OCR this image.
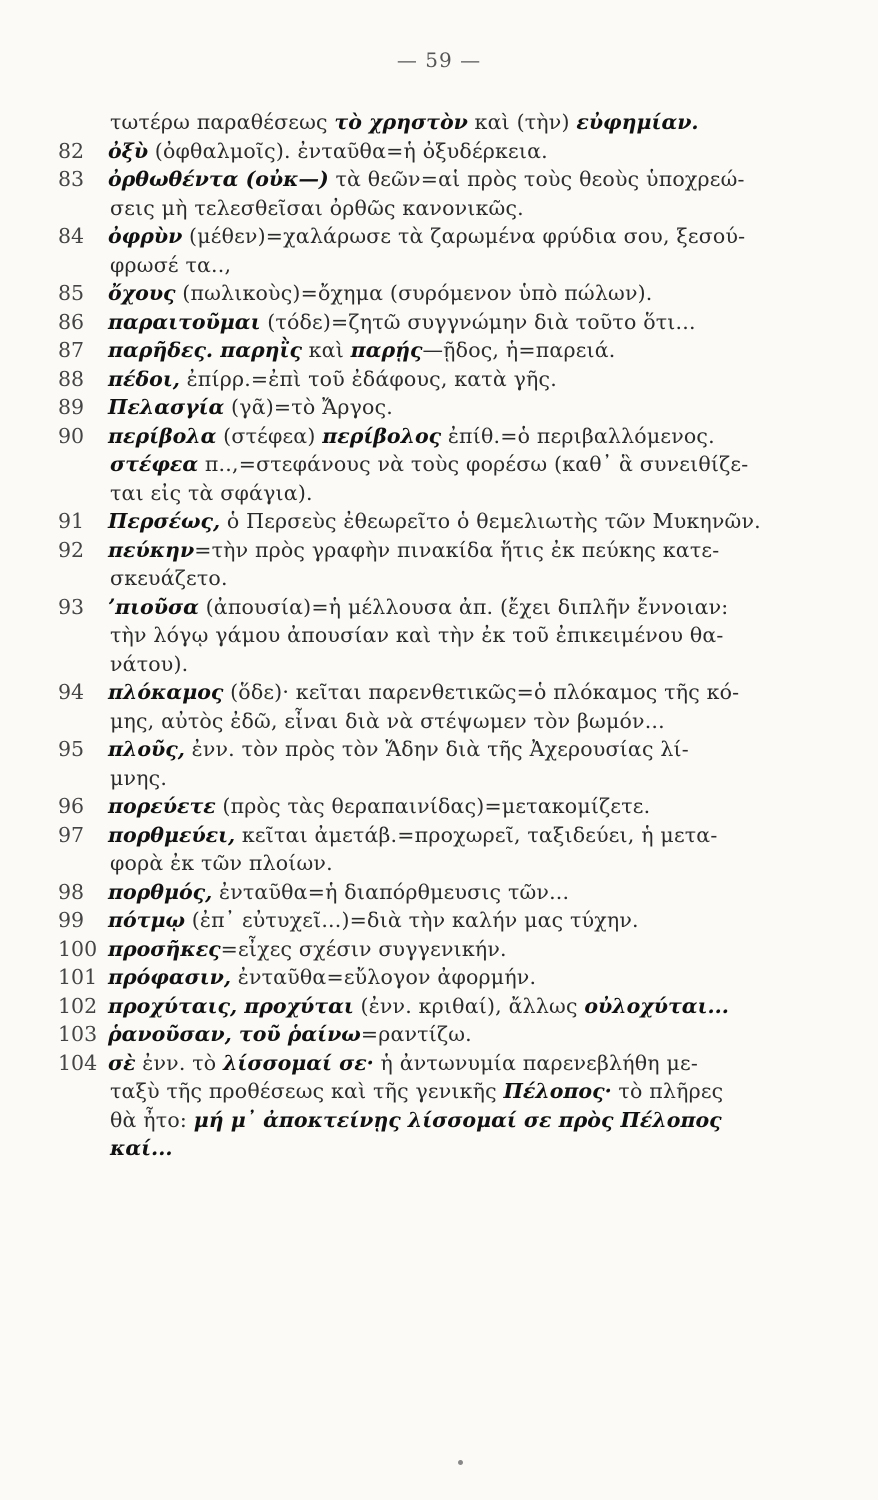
— 59 —
τωτέρω παραθέσεως τὸ χρηστὸν καὶ (τὴν) εὐφημίαν.
82 ὀξὺ (ὀφθαλμοῖς). ἐνταῦθα=ἡ ὀξυδέρκεια.
83 ὀρθωθέντα (οὐκ—) τὰ θεῶν=αἱ πρὸς τοὺς θεοὺς ὑποχρεώ-
σεις μὴ τελεσθεῖσαι ὀρθῶς κανονικῶς.
84 ὀφρὺν (μέθεν)=χαλάρωσε τὰ ζαρωμένα φρύδια σου, ξεσού-
φρωσέ τα..,
85 ὄχους (πωλικοὺς)=ὄχημα (συρόμενον ὑπὸ πώλων).
86 παραιτοῦμαι (τόδε)=ζητῶ συγγνώμην διὰ τοῦτο ὅτι...
87 παρῆδες. παρηῒς καὶ παρῄς—ῇδος, ἡ=παρειά.
88 πέδοι, ἐπίρρ.=ἐπὶ τοῦ ἐδάφους, κατὰ γῆς.
89 Πελασγία (γᾶ)=τὸ Ἄργος.
90 περίβολα (στέφεα) περίβολος ἐπίθ.=ὁ περιβαλλόμενος.
στέφεα π..,=στεφάνους νὰ τοὺς φορέσω (καθ᾽ ἃ συνειθίζε-
ται εἰς τὰ σφάγια).
91 Περσέως, ὁ Περσεὺς ἐθεωρεῖτο ὁ θεμελιωτὴς τῶν Μυκηνῶν.
92 πεύκην=τὴν πρὸς γραφὴν πινακίδα ἥτις ἐκ πεύκης κατε-
σκευάζετο.
93 ʼπιοῦσα (ἀπουσία)=ἡ μέλλουσα ἀπ. (ἔχει διπλῆν ἔννοιαν:
τὴν λόγῳ γάμου ἀπουσίαν καὶ τὴν ἐκ τοῦ ἐπικειμένου θα-
νάτου).
94 πλόκαμος (ὅδε)· κεῖται παρενθετικῶς=ὁ πλόκαμος τῆς κό-
μης, αὐτὸς ἐδῶ, εἶναι διὰ νὰ στέψωμεν τὸν βωμόν...
95 πλοῦς, ἐνν. τὸν πρὸς τὸν Ἅδην διὰ τῆς Ἀχερουσίας λί-
μνης.
96 πορεύετε (πρὸς τὰς θεραπαινίδας)=μετακομίζετε.
97 πορθμεύει, κεῖται ἀμετάβ.=προχωρεῖ, ταξιδεύει, ἡ μετα-
φορὰ ἐκ τῶν πλοίων.
98 πορθμός, ἐνταῦθα=ἡ διαπόρθμευσις τῶν...
99 πότμῳ (ἐπ᾽ εὐτυχεῖ...)=διὰ τὴν καλήν μας τύχην.
100 προσῆκες=εἶχες σχέσιν συγγενικήν.
101 πρόφασιν, ἐνταῦθα=εὔλογον ἀφορμήν.
102 προχύταις, προχύται (ἐνν. κριθαί), ἄλλως οὐλοχύται...
103 ῥανοῦσαν, τοῦ ῥαίνω=ραντίζω.
104 σὲ ἐνν. τὸ λίσσομαί σε· ἡ ἀντωνυμία παρενεβλήθη με-
ταξὺ τῆς προθέσεως καὶ τῆς γενικῆς Πέλοπος· τὸ πλῆρες
θὰ ἦτο: μή μ᾽ ἀποκτείνῃς λίσσομαί σε πρὸς Πέλοπος
καί...
